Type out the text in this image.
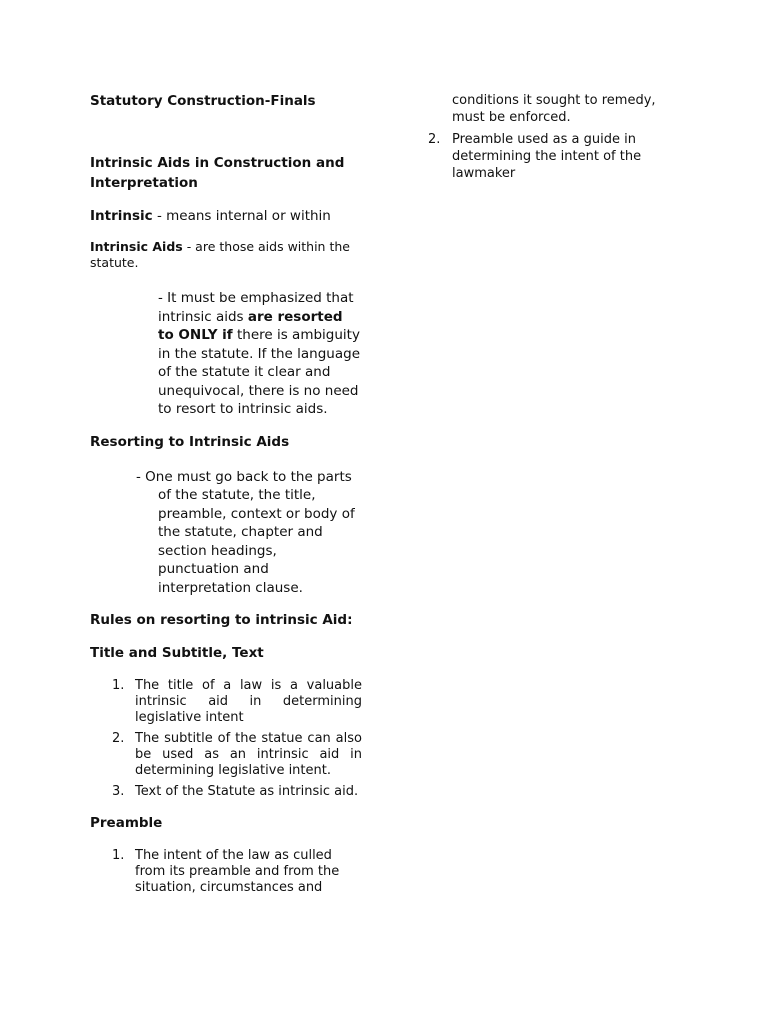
Statutory Construction-Finals

Intrinsic Aids in Construction and Interpretation

Intrinsic - means internal or within

Intrinsic Aids - are those aids within the statute.

- It must be emphasized that intrinsic aids are resorted to ONLY if there is ambiguity in the statute. If the language of the statute it clear and unequivocal, there is no need to resort to intrinsic aids.

Resorting to Intrinsic Aids

- One must go back to the parts of the statute, the title, preamble, context or body of the statute, chapter and section headings, punctuation and interpretation clause.

Rules on resorting to intrinsic Aid:
Title and Subtitle, Text
1. The title of a law is a valuable intrinsic aid in determining legislative intent
2. The subtitle of the statue can also be used as an intrinsic aid in determining legislative intent.
3. Text of the Statute as intrinsic aid.
Preamble
1. The intent of the law as culled from its preamble and from the situation, circumstances and
conditions it sought to remedy, must be enforced.
2. Preamble used as a guide in determining the intent of the lawmaker
